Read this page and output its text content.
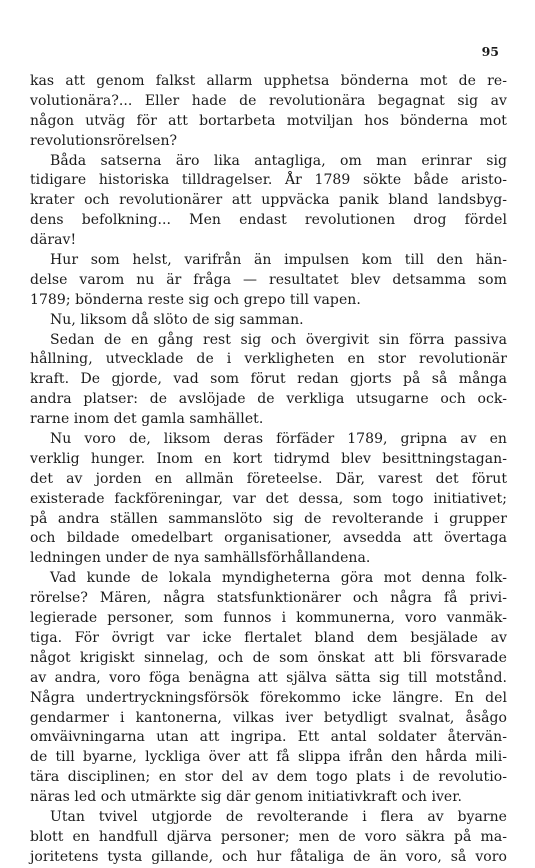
95
kas att genom falkst allarm upphetsa bönderna mot de re-
volutionära?... Eller hade de revolutionära begagnat sig av
någon utväg för att bortarbeta motviljan hos bönderna mot
revolutionsrörelsen?
Båda satserna äro lika antagliga, om man erinrar sig
tidigare historiska tilldragelser. År 1789 sökte både aristo-
krater och revolutionärer att uppväcka panik bland landsbyg-
dens befolkning... Men endast revolutionen drog fördel
därav!
Hur som helst, varifrån än impulsen kom till den hän-
delse varom nu är fråga — resultatet blev detsamma som
1789; bönderna reste sig och grepo till vapen.
Nu, liksom då slöto de sig samman.
Sedan de en gång rest sig och övergivit sin förra passiva
hållning, utvecklade de i verkligheten en stor revolutionär
kraft. De gjorde, vad som förut redan gjorts på så många
andra platser: de avslöjade de verkliga utsugarne och ock-
rarne inom det gamla samhället.
Nu voro de, liksom deras förfäder 1789, gripna av en
verklig hunger. Inom en kort tidrymd blev besittningstagan-
det av jorden en allmän företeelse. Där, varest det förut
existerade fackföreningar, var det dessa, som togo initiativet;
på andra ställen sammanslöto sig de revolterande i grupper
och bildade omedelbart organisationer, avsedda att övertaga
ledningen under de nya samhällsförhållandena.
Vad kunde de lokala myndigheterna göra mot denna folk-
rörelse? Mären, några statsfunktionärer och några få privi-
legierade personer, som funnos i kommunerna, voro vanmäk-
tiga. För övrigt var icke flertalet bland dem besjälade av
något krigiskt sinnelag, och de som önskat att bli försvarade
av andra, voro föga benägna att själva sätta sig till motstånd.
Några undertryckningsförsök förekommo icke längre. En del
gendarmer i kantonerna, vilkas iver betydligt svalnat, åsågo
omväivningarna utan att ingripa. Ett antal soldater återvän-
de till byarne, lyckliga över att få slippa ifrån den hårda mili-
tära disciplinen; en stor del av dem togo plats i de revolutio-
näras led och utmärkte sig där genom initiativkraft och iver.
Utan tvivel utgjorde de revolterande i flera av byarne
blott en handfull djärva personer; men de voro säkra på ma-
joritetens tysta gillande, och hur fåtaliga de än voro, så voro
